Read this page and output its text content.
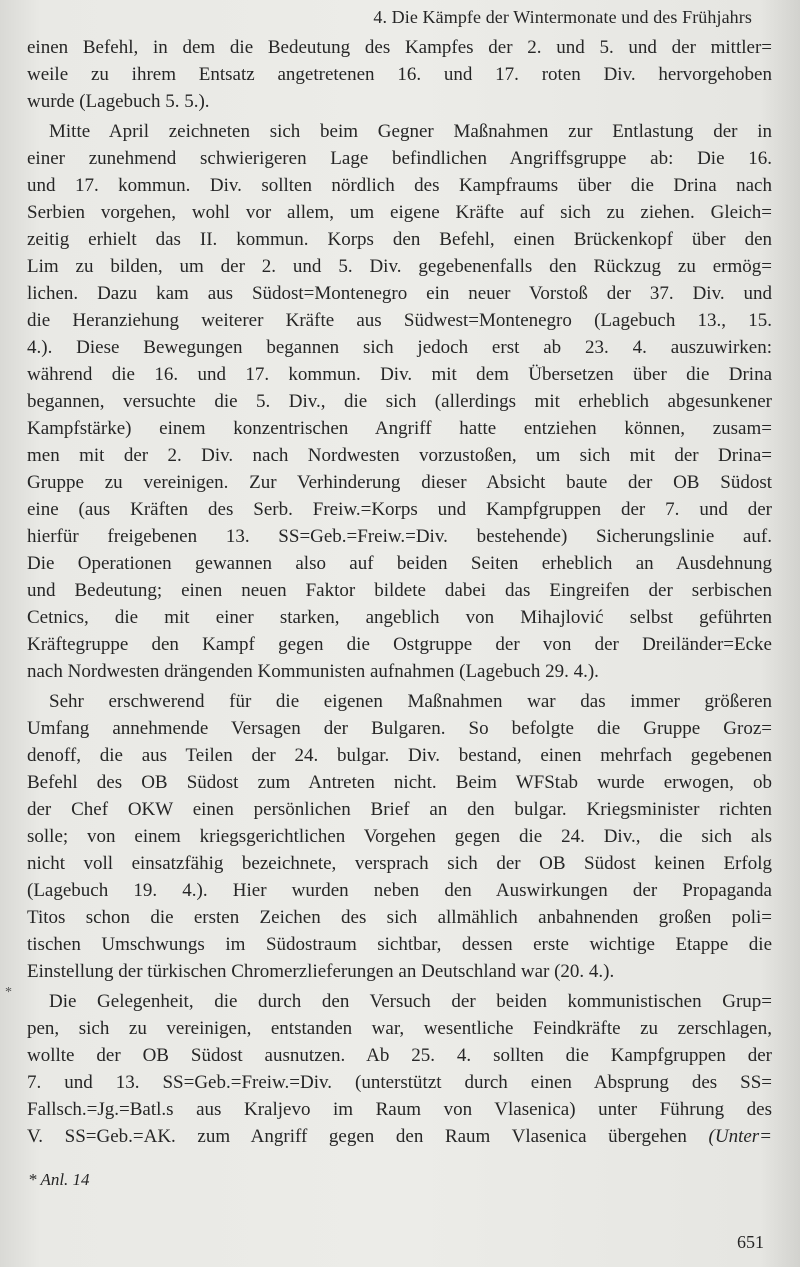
4. Die Kämpfe der Wintermonate und des Frühjahrs
einen Befehl, in dem die Bedeutung des Kampfes der 2. und 5. und der mittler=
weile zu ihrem Entsatz angetretenen 16. und 17. roten Div. hervorgehoben
wurde (Lagebuch 5. 5.).
Mitte April zeichneten sich beim Gegner Maßnahmen zur Entlastung der in
einer zunehmend schwierigeren Lage befindlichen Angriffsgruppe ab: Die 16.
und 17. kommun. Div. sollten nördlich des Kampfraums über die Drina nach
Serbien vorgehen, wohl vor allem, um eigene Kräfte auf sich zu ziehen. Gleich=
zeitig erhielt das II. kommun. Korps den Befehl, einen Brückenkopf über den
Lim zu bilden, um der 2. und 5. Div. gegebenenfalls den Rückzug zu ermög=
lichen. Dazu kam aus Südost=Montenegro ein neuer Vorstoß der 37. Div. und
die Heranziehung weiterer Kräfte aus Südwest=Montenegro (Lagebuch 13., 15.
4.). Diese Bewegungen begannen sich jedoch erst ab 23. 4. auszuwirken:
während die 16. und 17. kommun. Div. mit dem Übersetzen über die Drina
begannen, versuchte die 5. Div., die sich (allerdings mit erheblich abgesunkener
Kampfstärke) einem konzentrischen Angriff hatte entziehen können, zusam=
men mit der 2. Div. nach Nordwesten vorzustoßen, um sich mit der Drina=
Gruppe zu vereinigen. Zur Verhinderung dieser Absicht baute der OB Südost
eine (aus Kräften des Serb. Freiw.=Korps und Kampfgruppen der 7. und der
hierfür freigebenen 13. SS=Geb.=Freiw.=Div. bestehende) Sicherungslinie auf.
Die Operationen gewannen also auf beiden Seiten erheblich an Ausdehnung
und Bedeutung; einen neuen Faktor bildete dabei das Eingreifen der serbischen
Cetnics, die mit einer starken, angeblich von Mihajlović selbst geführten
Kräftegruppe den Kampf gegen die Ostgruppe der von der Dreiländer=Ecke
nach Nordwesten drängenden Kommunisten aufnahmen (Lagebuch 29. 4.).
Sehr erschwerend für die eigenen Maßnahmen war das immer größeren
Umfang annehmende Versagen der Bulgaren. So befolgte die Gruppe Groz=
denoff, die aus Teilen der 24. bulgar. Div. bestand, einen mehrfach gegebenen
Befehl des OB Südost zum Antreten nicht. Beim WFStab wurde erwogen, ob
der Chef OKW einen persönlichen Brief an den bulgar. Kriegsminister richten
solle; von einem kriegsgerichtlichen Vorgehen gegen die 24. Div., die sich als
nicht voll einsatzfähig bezeichnete, versprach sich der OB Südost keinen Erfolg
(Lagebuch 19. 4.). Hier wurden neben den Auswirkungen der Propaganda
Titos schon die ersten Zeichen des sich allmählich anbahnenden großen poli=
tischen Umschwungs im Südostraum sichtbar, dessen erste wichtige Etappe die
Einstellung der türkischen Chromerzlieferungen an Deutschland war (20. 4.).
Die Gelegenheit, die durch den Versuch der beiden kommunistischen Grup=
pen, sich zu vereinigen, entstanden war, wesentliche Feindkräfte zu zerschlagen,
wollte der OB Südost ausnutzen. Ab 25. 4. sollten die Kampfgruppen der
7. und 13. SS=Geb.=Freiw.=Div. (unterstützt durch einen Absprung des SS=
Fallsch.=Jg.=Batl.s aus Kraljevo im Raum von Vlasenica) unter Führung des
V. SS=Geb.=AK. zum Angriff gegen den Raum Vlasenica übergehen (Unter=
*
* Anl. 14
651
